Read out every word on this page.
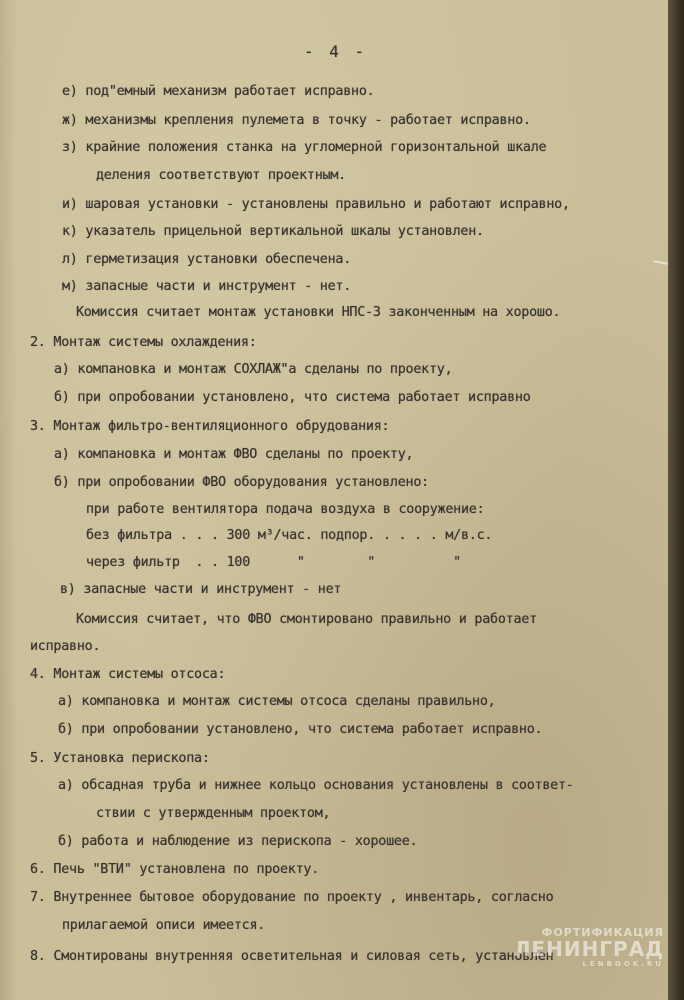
- 4 -
е) под"емный механизм работает исправно.
ж) механизмы крепления пулемета в точку - работает исправно.
з) крайние положения станка на угломерной горизонтальной шкале
деления соответствуют проектным.
и) шаровая установки - установлены правильно и работают исправно,
к) указатель прицельной вертикальной шкалы установлен.
л) герметизация установки обеспечена.
м) запасные части и инструмент - нет.
Комиссия считает монтаж установки НПС-3 законченным на хорошо.
2. Монтаж системы охлаждения:
а) компановка и монтаж СОХЛАЖ"а сделаны по проекту,
б) при опробовании установлено, что система работает исправно
3. Монтаж фильтро-вентиляционного обрудования:
а) компановка и монтаж ФВО сделаны по проекту,
б) при опробовании ФВО оборудования установлено:
при работе вентилятора подача воздуха в сооружение:
без фильтра . . . 300 м³/час. подпор. . . . . м/в.с.
через фильтр  . . 100      "        "          "
в) запасные части и инструмент - нет
Комиссия считает, что ФВО смонтировано правильно и работает
исправно.
4. Монтаж системы отсоса:
а) компановка и монтаж системы отсоса сделаны правильно,
б) при опробовании установлено, что система работает исправно.
5. Установка перископа:
а) обсадная труба и нижнее кольцо основания установлены в соответ-
ствии с утвержденным проектом,
б) работа и наблюдение из перископа - хорошее.
6. Печь "ВТИ" установлена по проекту.
7. Внутреннее бытовое оборудование по проекту , инвентарь, согласно
прилагаемой описи имеется.
8. Смонтированы внутренняя осветительная и силовая сеть, установлен
ФОРТИФИКАЦИЯ
ЛЕНИНГРАД
LENBOOK.RU
